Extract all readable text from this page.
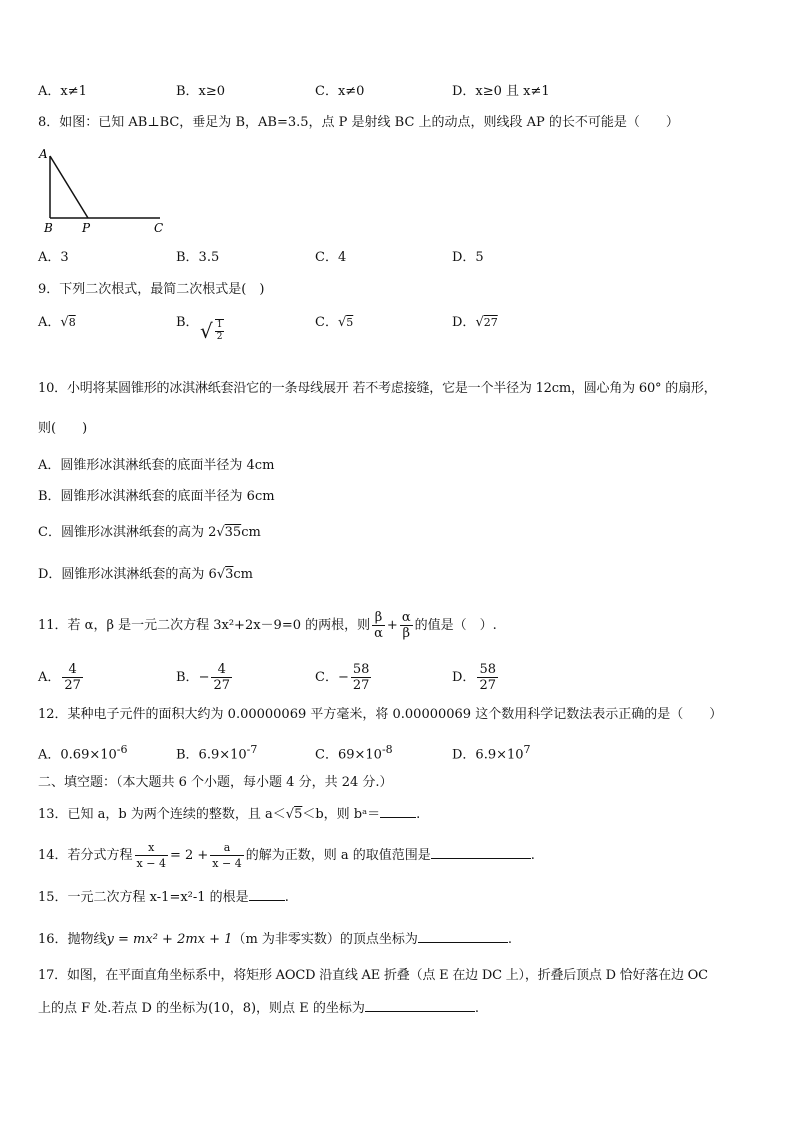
A．x≠1	B．x≥0	C．x≠0	D．x≥0 且 x≠1
8．如图：已知 AB⊥BC，垂足为 B，AB=3.5，点 P 是射线 BC 上的动点，则线段 AP 的长不可能是（　　）
A
B P	C
A．3	B．3.5	C．4	D．5
9．下列二次根式，最简二次根式是(　)
A．√8	B． √ $\frac{1}{2}$	C．√5	D．√27
10．小明将某圆锥形的冰淇淋纸套沿它的一条母线展开 若不考虑接缝，它是一个半径为 12cm，圆心角为 60° 的扇形，
则(　　)
A．圆锥形冰淇淋纸套的底面半径为 4cm
B．圆锥形冰淇淋纸套的底面半径为 6cm
C．圆锥形冰淇淋纸套的高为 2√35cm
D．圆锥形冰淇淋纸套的高为 6√3cm
11．若 α，β 是一元二次方程 3x²+2x－9=0 的两根，则 $\frac{\beta}{\alpha} + \frac{\alpha}{\beta}$ 的值是（　）.
A． $\frac{4}{27}$	B．− $\frac{4}{27}$	C．− $\frac{58}{27}$	D． $\frac{58}{27}$
12．某种电子元件的面积大约为 0.00000069 平方毫米，将 0.00000069 这个数用科学记数法表示正确的是（　　）
A．$0.69\times 10^{-6}$	B．$6.9\times 10^{-7}$	C．$69\times 10^{-8}$	D．$6.9\times 10^7$
二、填空题：（本大题共 6 个小题，每小题 4 分，共 24 分.）
13．已知 a，b 为两个连续的整数，且 a＜√5＜b，则 bᵃ＝	.
14．若分式方程 $\frac{x}{x - 4} = 2 + \frac{a}{x - 4}$ 的解为正数，则 a 的取值范围是	.
15．一元二次方程 x-1=x²-1 的根是	.
16．抛物线y = mx² + 2mx + 1（m 为非零实数）的顶点坐标为	.
17．如图，在平面直角坐标系中，将矩形 AOCD 沿直线 AE 折叠（点 E 在边 DC 上），折叠后顶点 D 恰好落在边 OC
上的点 F 处.若点 D 的坐标为(10，8)，则点 E 的坐标为	.
